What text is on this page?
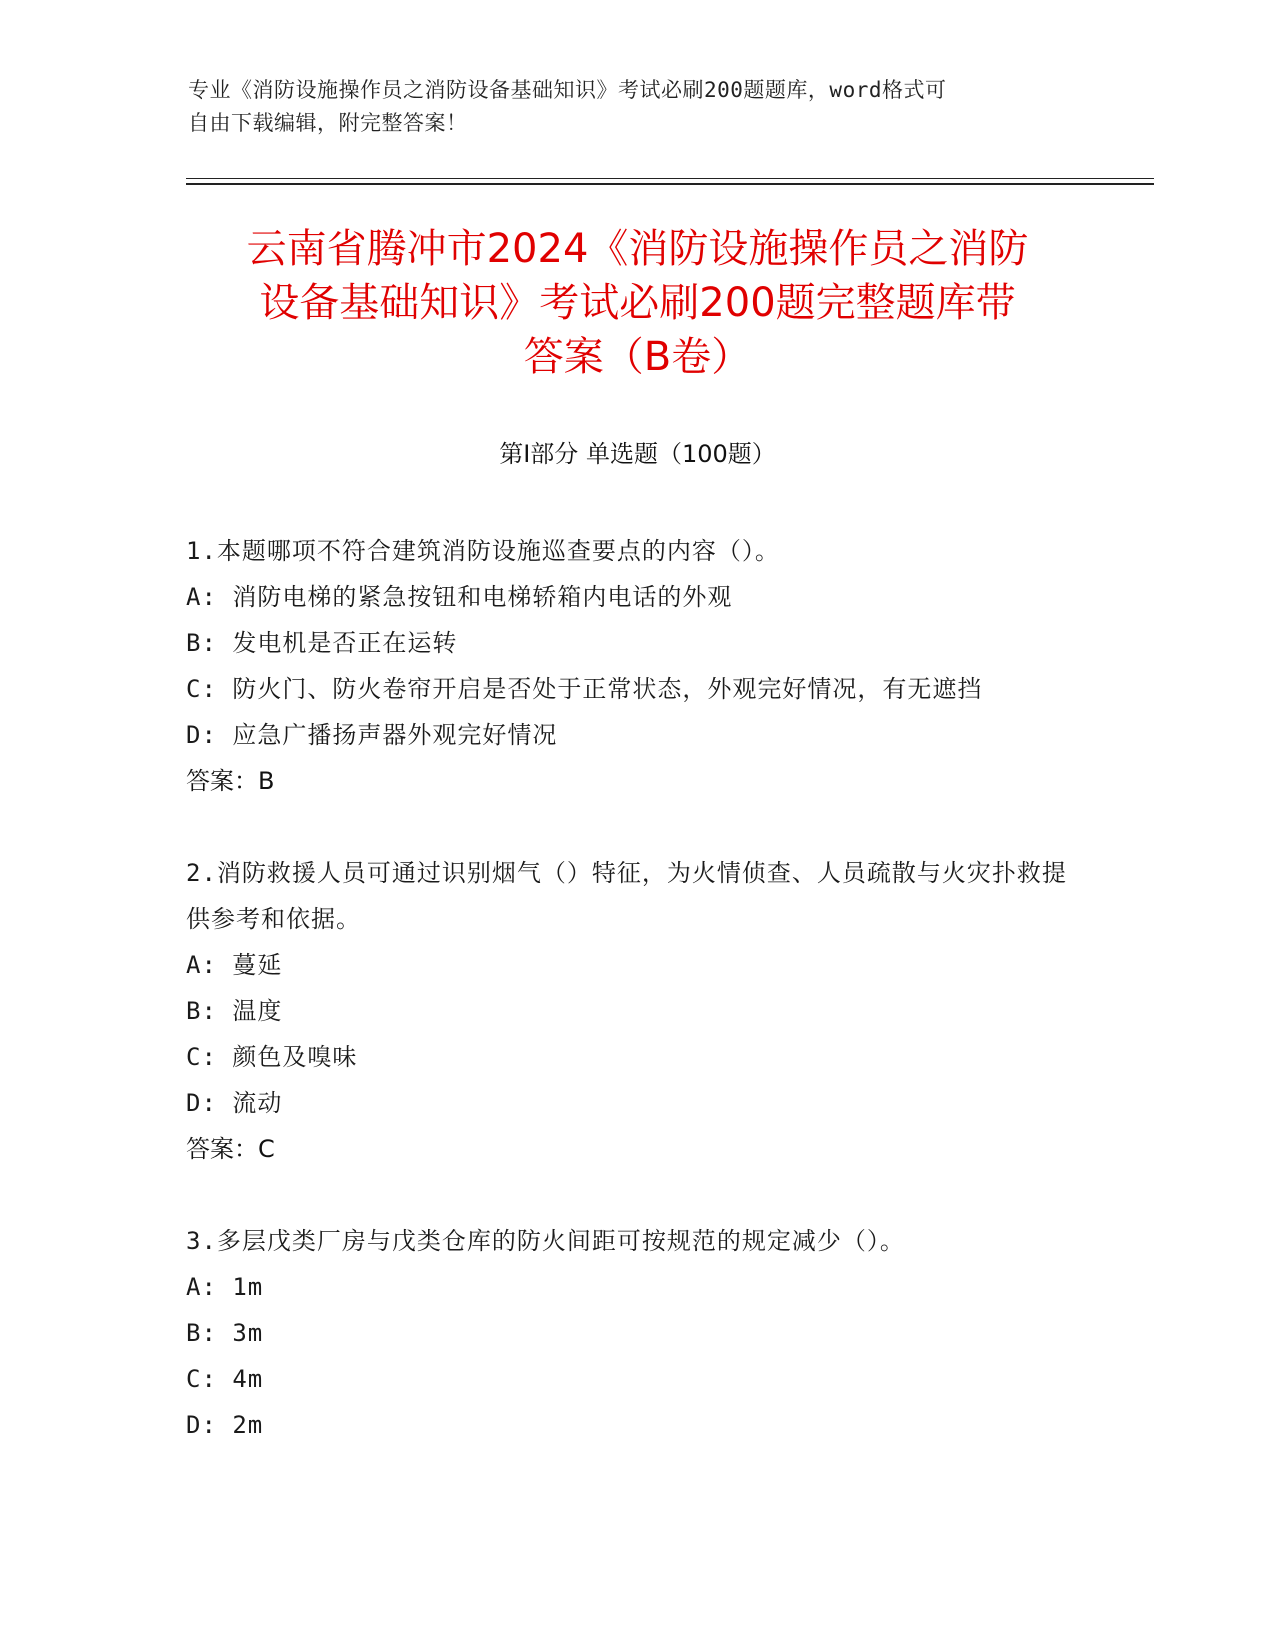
专业《消防设施操作员之消防设备基础知识》考试必刷200题题库，word格式可
自由下载编辑，附完整答案！
云南省腾冲市2024《消防设施操作员之消防
设备基础知识》考试必刷200题完整题库带
答案（B卷）
第I部分 单选题（100题）

1.本题哪项不符合建筑消防设施巡查要点的内容（）。

A: 消防电梯的紧急按钮和电梯轿箱内电话的外观

B: 发电机是否正在运转

C: 防火门、防火卷帘开启是否处于正常状态，外观完好情况，有无遮挡

D: 应急广播扬声器外观完好情况

答案：B

2.消防救援人员可通过识别烟气（）特征，为火情侦查、人员疏散与火灾扑救提供参考和依据。

A: 蔓延

B: 温度

C: 颜色及嗅味

D: 流动

答案：C

3.多层戊类厂房与戊类仓库的防火间距可按规范的规定减少（）。

A: 1m

B: 3m

C: 4m

D: 2m
